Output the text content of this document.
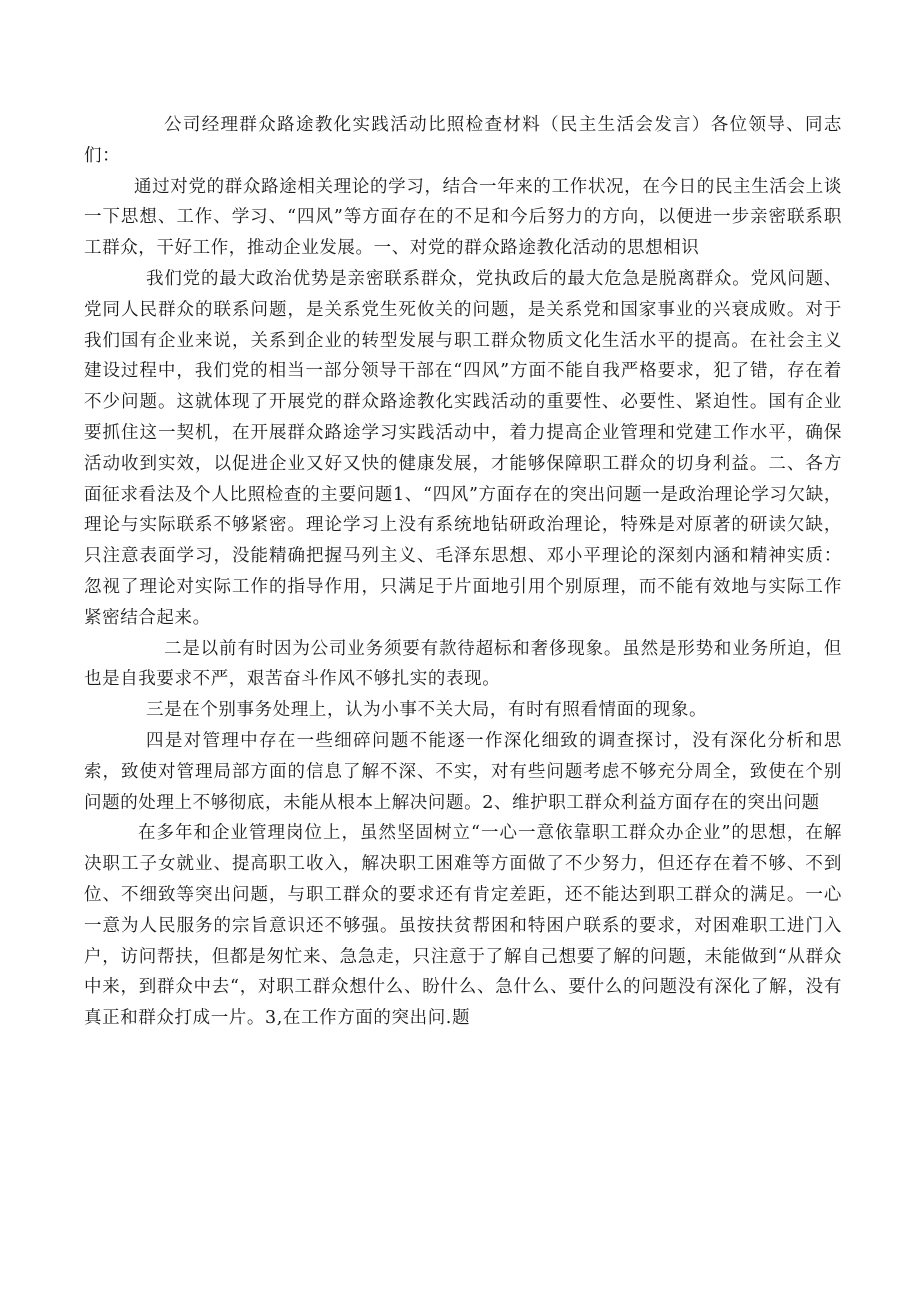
公司经理群众路途教化实践活动比照检查材料（民主生活会发言）各位领导、同志们：

通过对党的群众路途相关理论的学习，结合一年来的工作状况，在今日的民主生活会上谈一下思想、工作、学习、“四风”等方面存在的不足和今后努力的方向，以便进一步亲密联系职工群众，干好工作，推动企业发展。一、对党的群众路途教化活动的思想相识

我们党的最大政治优势是亲密联系群众，党执政后的最大危急是脱离群众。党风问题、党同人民群众的联系问题，是关系党生死攸关的问题，是关系党和国家事业的兴衰成败。对于我们国有企业来说，关系到企业的转型发展与职工群众物质文化生活水平的提高。在社会主义建设过程中，我们党的相当一部分领导干部在“四风”方面不能自我严格要求，犯了错，存在着不少问题。这就体现了开展党的群众路途教化实践活动的重要性、必要性、紧迫性。国有企业要抓住这一契机，在开展群众路途学习实践活动中，着力提高企业管理和党建工作水平，确保活动收到实效，以促进企业又好又快的健康发展，才能够保障职工群众的切身利益。二、各方面征求看法及个人比照检查的主要问题1、“四风”方面存在的突出问题一是政治理论学习欠缺，理论与实际联系不够紧密。理论学习上没有系统地钻研政治理论，特殊是对原著的研读欠缺，只注意表面学习，没能精确把握马列主义、毛泽东思想、邓小平理论的深刻内涵和精神实质：忽视了理论对实际工作的指导作用，只满足于片面地引用个别原理，而不能有效地与实际工作紧密结合起来。

二是以前有时因为公司业务须要有款待超标和奢侈现象。虽然是形势和业务所迫，但也是自我要求不严，艰苦奋斗作风不够扎实的表现。

三是在个别事务处理上，认为小事不关大局，有时有照看情面的现象。

四是对管理中存在一些细碎问题不能逐一作深化细致的调查探讨，没有深化分析和思索，致使对管理局部方面的信息了解不深、不实，对有些问题考虑不够充分周全，致使在个别问题的处理上不够彻底，未能从根本上解决问题。2、维护职工群众利益方面存在的突出问题

在多年和企业管理岗位上，虽然坚固树立“一心一意依靠职工群众办企业”的思想，在解决职工子女就业、提高职工收入，解决职工困难等方面做了不少努力，但还存在着不够、不到位、不细致等突出问题，与职工群众的要求还有肯定差距，还不能达到职工群众的满足。一心一意为人民服务的宗旨意识还不够强。虽按扶贫帮困和特困户联系的要求，对困难职工进门入户，访问帮扶，但都是匆忙来、急急走，只注意于了解自己想要了解的问题，未能做到“从群众中来，到群众中去“，对职工群众想什么、盼什么、急什么、要什么的问题没有深化了解，没有真正和群众打成一片。3,在工作方面的突出问.题
